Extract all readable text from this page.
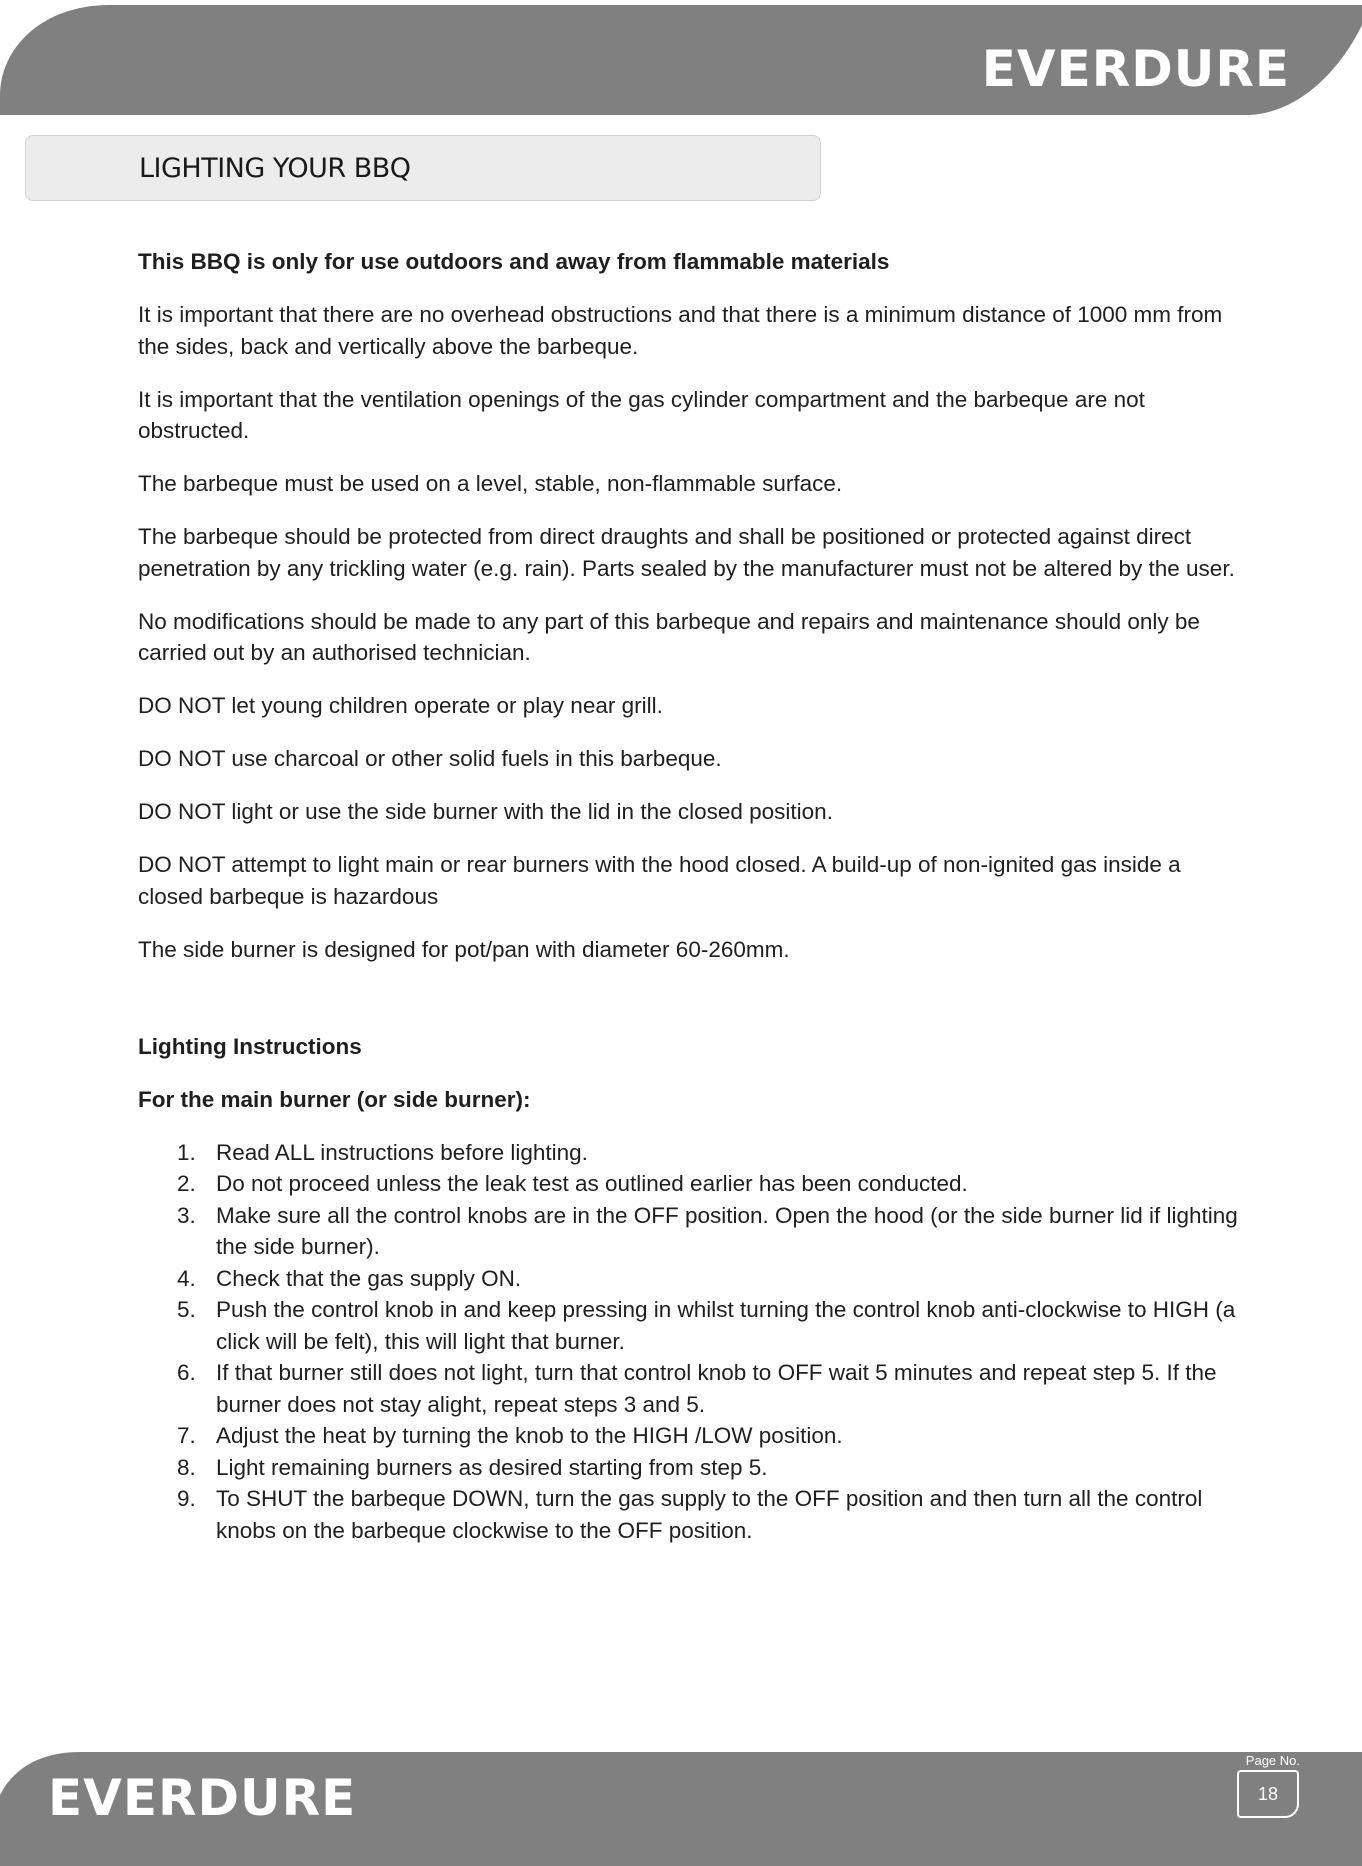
EVERDURE
LIGHTING YOUR BBQ

This BBQ is only for use outdoors and away from flammable materials

It is important that there are no overhead obstructions and that there is a minimum distance of 1000 mm from the sides, back and vertically above the barbeque.

It is important that the ventilation openings of the gas cylinder compartment and the barbeque are not obstructed.

The barbeque must be used on a level, stable, non-flammable surface.

The barbeque should be protected from direct draughts and shall be positioned or protected against direct penetration by any trickling water (e.g. rain). Parts sealed by the manufacturer must not be altered by the user.

No modifications should be made to any part of this barbeque and repairs and maintenance should only be carried out by an authorised technician.

DO NOT let young children operate or play near grill.

DO NOT use charcoal or other solid fuels in this barbeque.

DO NOT light or use the side burner with the lid in the closed position.

DO NOT attempt to light main or rear burners with the hood closed. A build-up of non-ignited gas inside a closed barbeque is hazardous

The side burner is designed for pot/pan with diameter 60-260mm.

Lighting Instructions

For the main burner (or side burner):

1. Read ALL instructions before lighting.
2. Do not proceed unless the leak test as outlined earlier has been conducted.
3. Make sure all the control knobs are in the OFF position. Open the hood (or the side burner lid if lighting the side burner).
4. Check that the gas supply ON.
5. Push the control knob in and keep pressing in whilst turning the control knob anti-clockwise to HIGH (a click will be felt), this will light that burner.
6. If that burner still does not light, turn that control knob to OFF wait 5 minutes and repeat step 5. If the burner does not stay alight, repeat steps 3 and 5.
7. Adjust the heat by turning the knob to the HIGH /LOW position.
8. Light remaining burners as desired starting from step 5.
9. To SHUT the barbeque DOWN, turn the gas supply to the OFF position and then turn all the control knobs on the barbeque clockwise to the OFF position.
EVERDURE
Page No.
18
